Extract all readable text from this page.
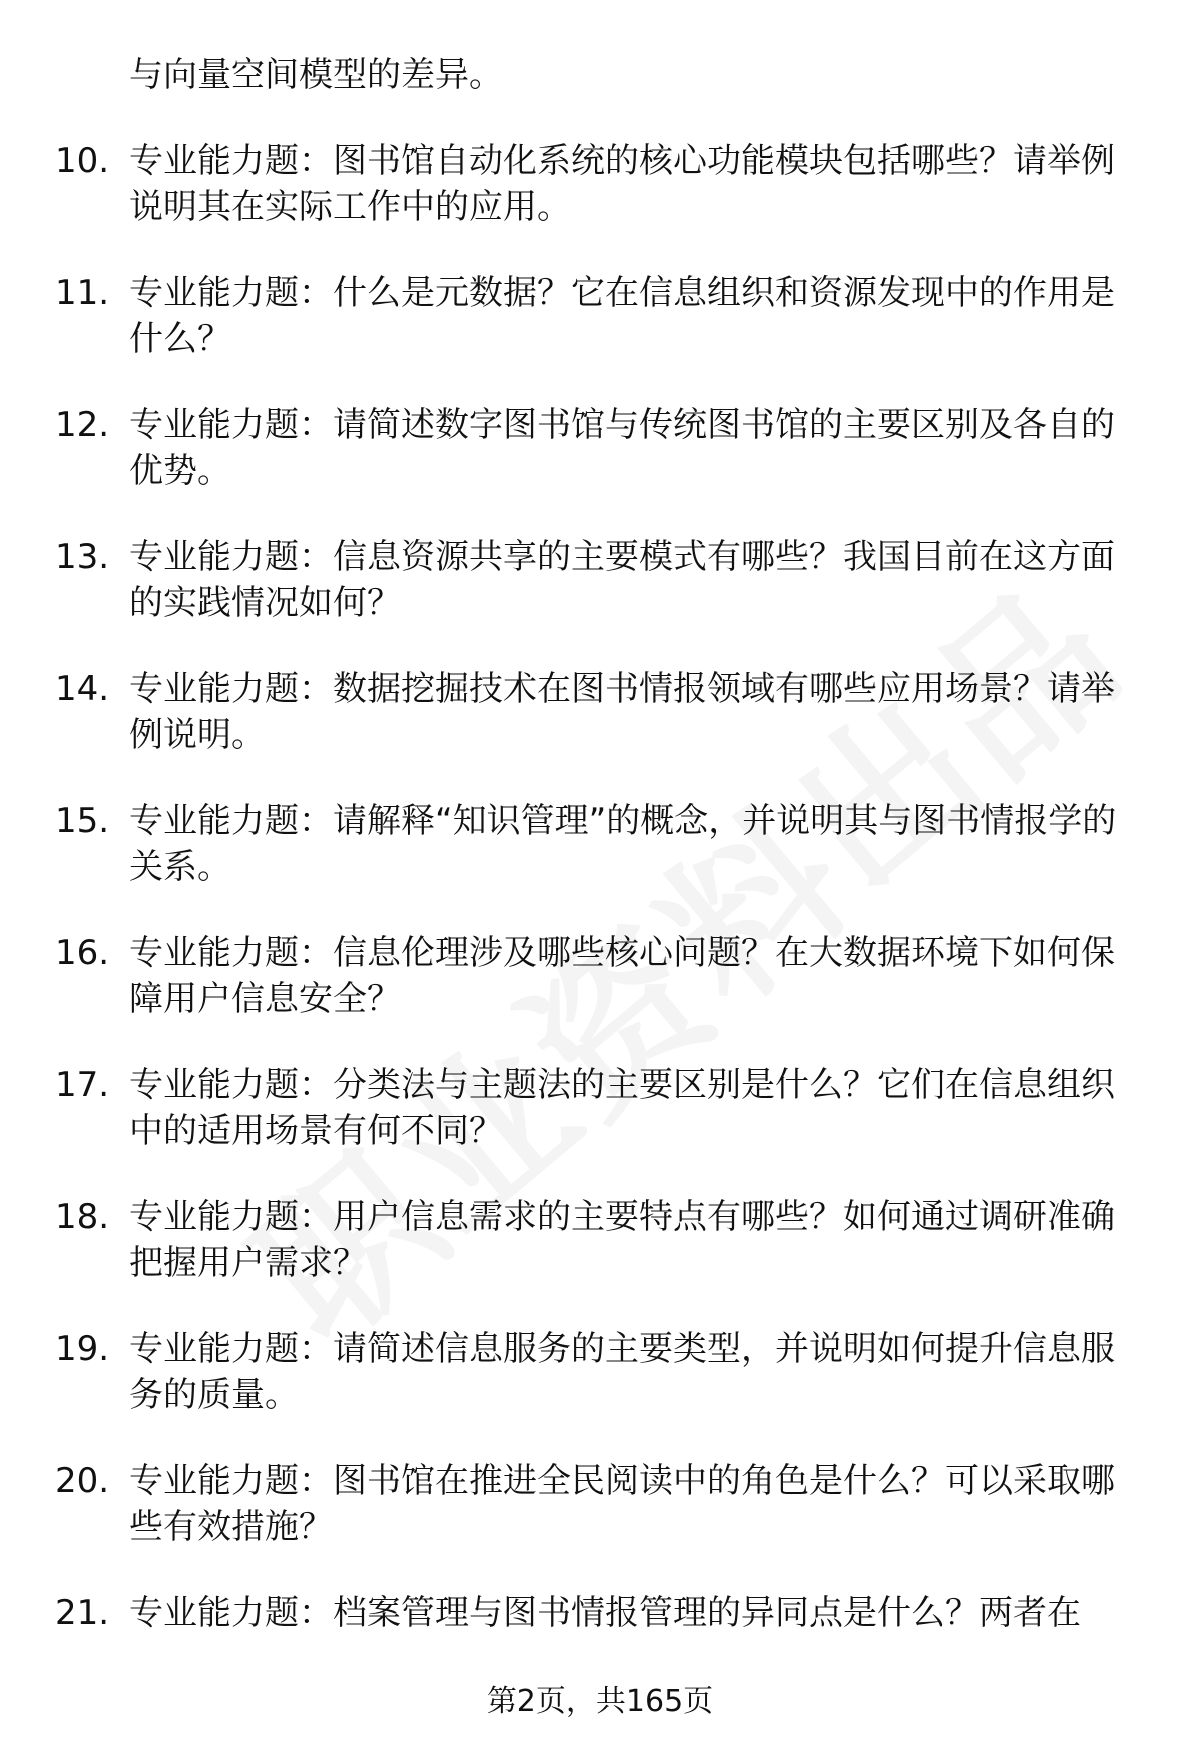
与向量空间模型的差异。
10. 专业能力题：图书馆自动化系统的核心功能模块包括哪些？请举例说明其在实际工作中的应用。
11. 专业能力题：什么是元数据？它在信息组织和资源发现中的作用是什么？
12. 专业能力题：请简述数字图书馆与传统图书馆的主要区别及各自的优势。
13. 专业能力题：信息资源共享的主要模式有哪些？我国目前在这方面的实践情况如何？
14. 专业能力题：数据挖掘技术在图书情报领域有哪些应用场景？请举例说明。
15. 专业能力题：请解释“知识管理”的概念，并说明其与图书情报学的关系。
16. 专业能力题：信息伦理涉及哪些核心问题？在大数据环境下如何保障用户信息安全？
17. 专业能力题：分类法与主题法的主要区别是什么？它们在信息组织中的适用场景有何不同？
18. 专业能力题：用户信息需求的主要特点有哪些？如何通过调研准确把握用户需求？
19. 专业能力题：请简述信息服务的主要类型，并说明如何提升信息服务的质量。
20. 专业能力题：图书馆在推进全民阅读中的角色是什么？可以采取哪些有效措施？
21. 专业能力题：档案管理与图书情报管理的异同点是什么？两者在
第2页，共165页
